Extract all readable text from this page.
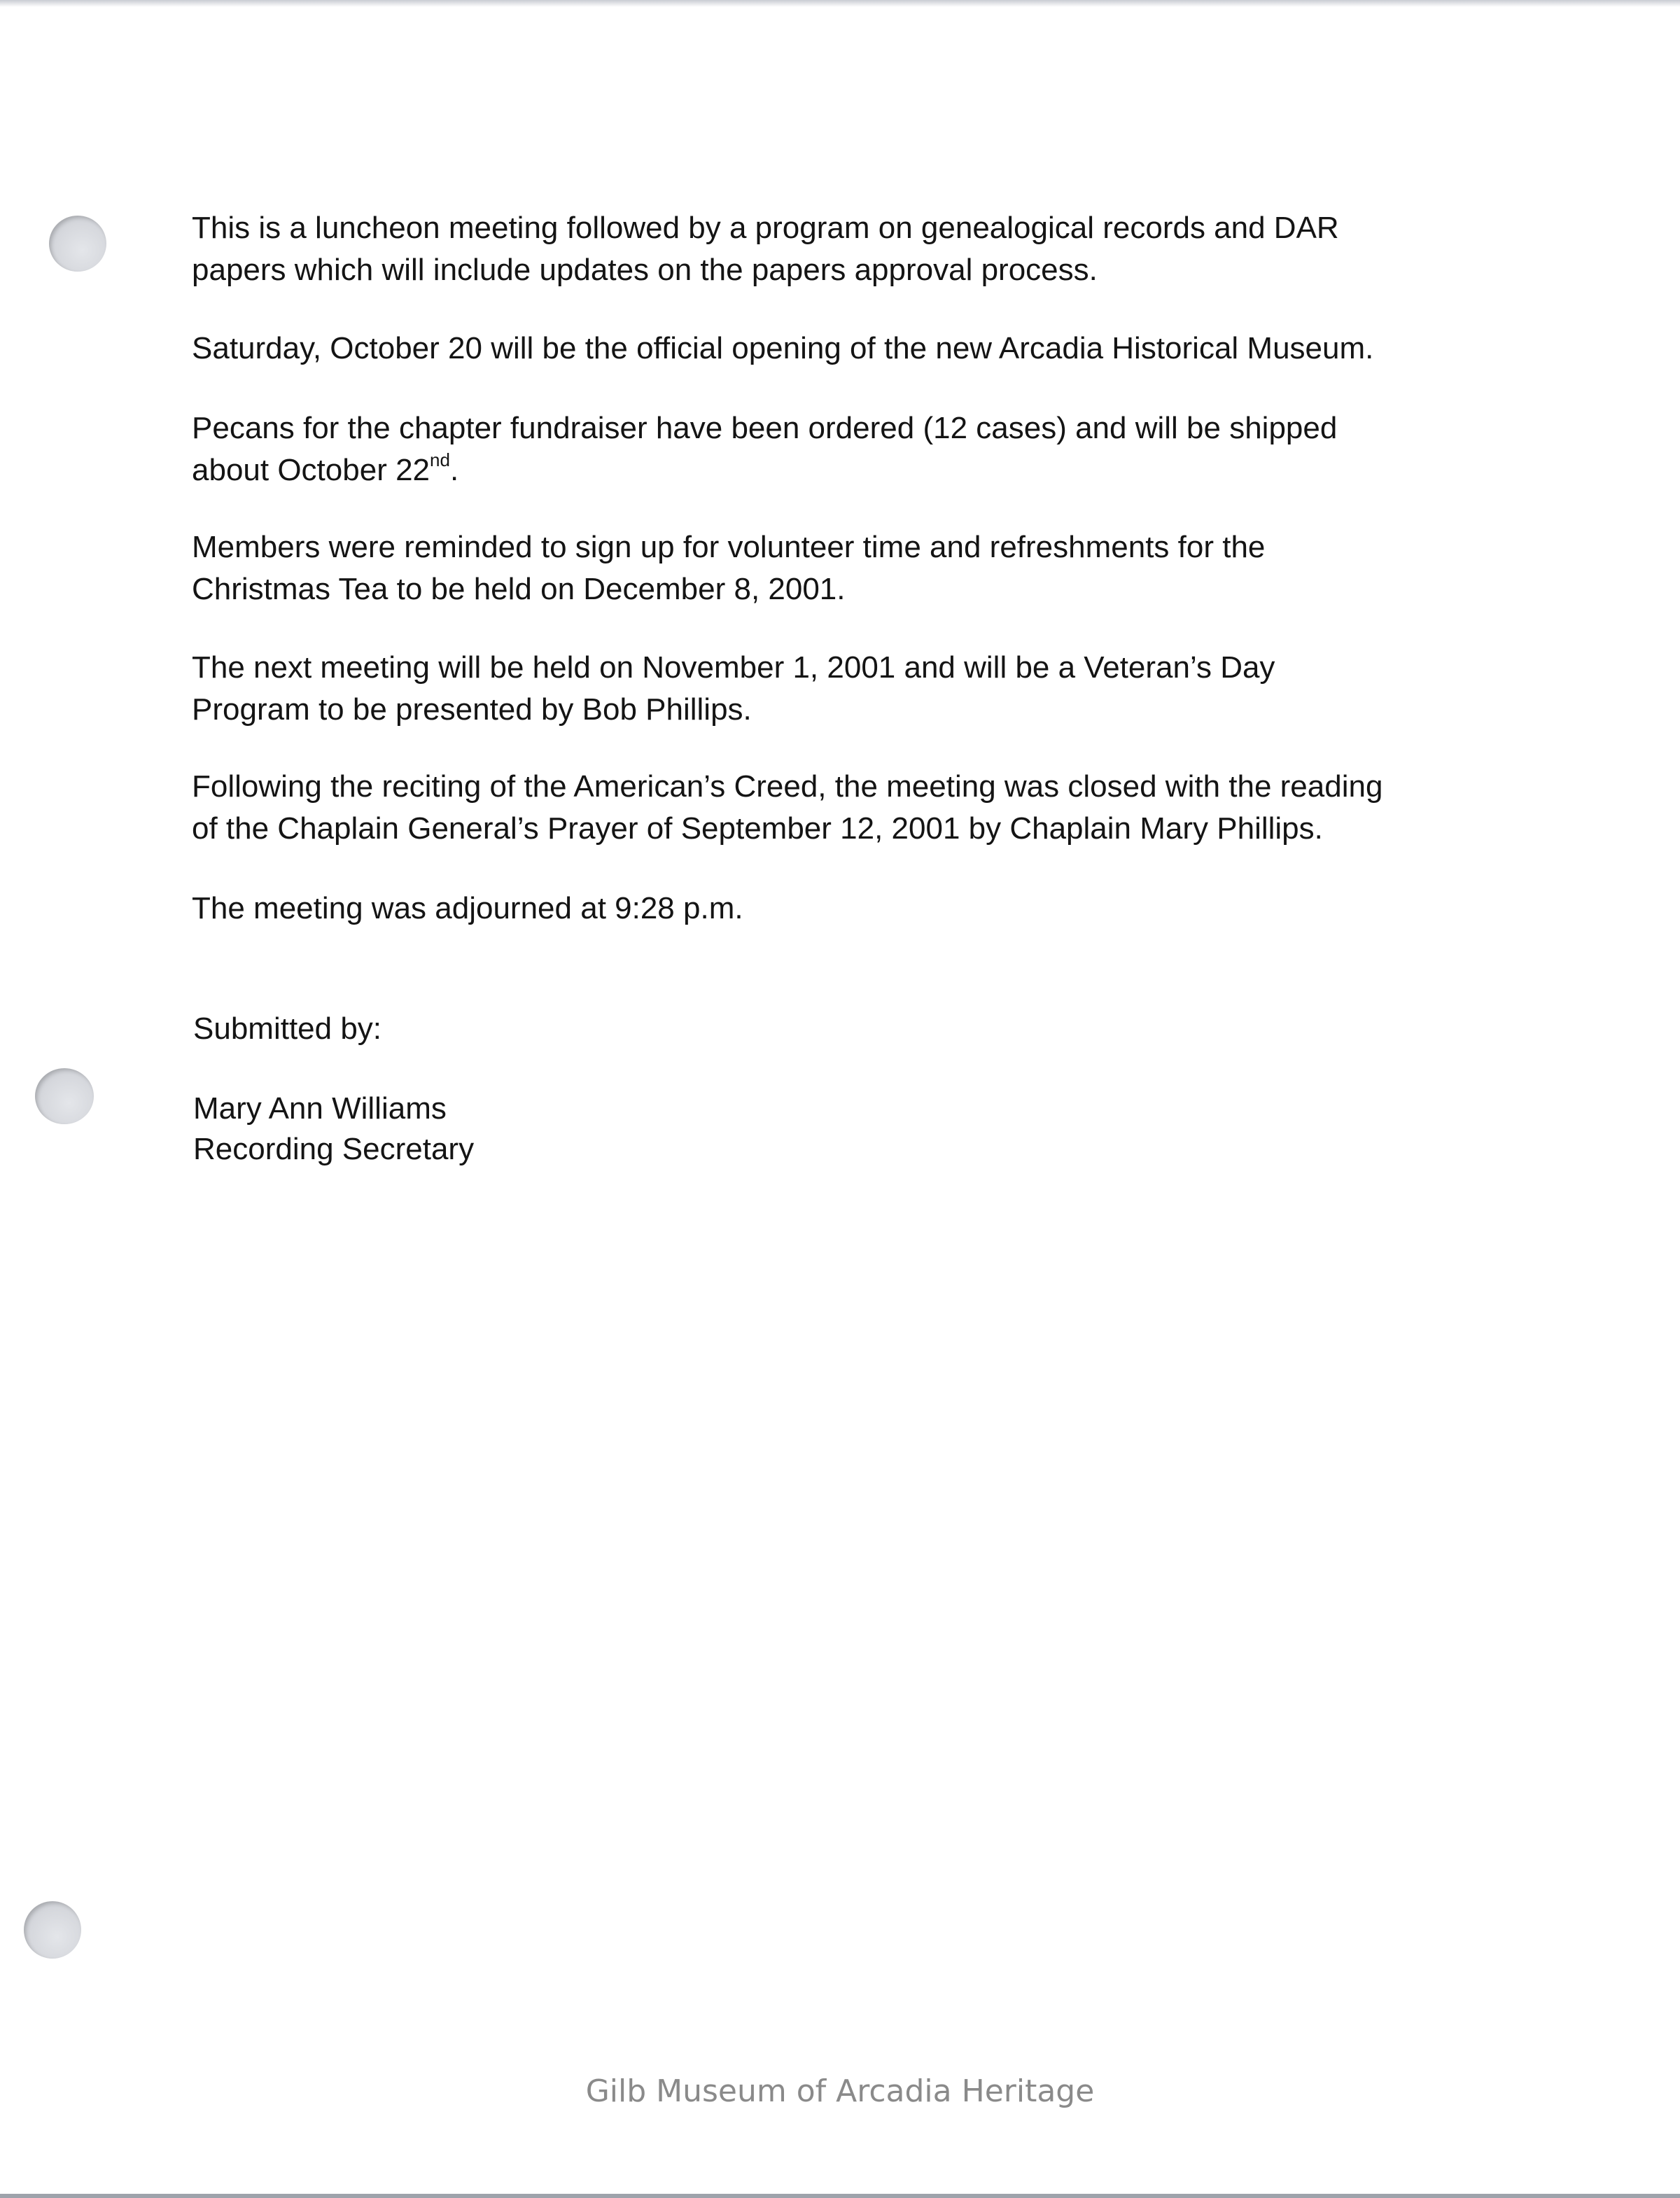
This is a luncheon meeting followed by a program on genealogical records and DAR
papers which will include updates on the papers approval process.

Saturday, October 20 will be the official opening of the new Arcadia Historical Museum.

Pecans for the chapter fundraiser have been ordered (12 cases) and will be shipped
about October 22nd.

Members were reminded to sign up for volunteer time and refreshments for the
Christmas Tea to be held on December 8, 2001.

The next meeting will be held on November 1, 2001 and will be a Veteran’s Day
Program to be presented by Bob Phillips.

Following the reciting of the American’s Creed, the meeting was closed with the reading
of the Chaplain General’s Prayer of September 12, 2001 by Chaplain Mary Phillips.

The meeting was adjourned at 9:28 p.m.

Submitted by:

Mary Ann Williams

Recording Secretary

Gilb Museum of Arcadia Heritage
